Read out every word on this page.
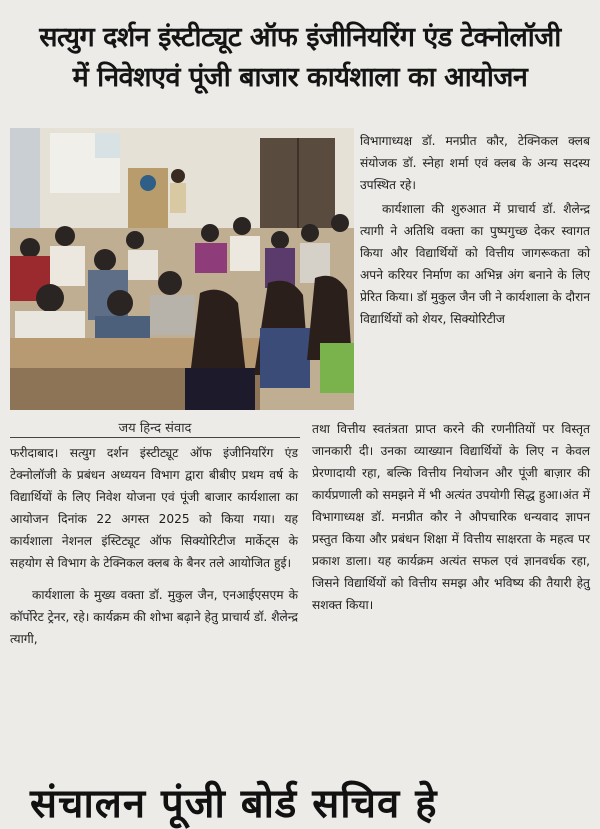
सत्युग दर्शन इंस्टीट्यूट ऑफ इंजीनियरिंग एंड टेक्नोलॉजी
में निवेशएवं पूंजी बाजार कार्यशाला का आयोजन
जय हिन्द संवाद

विभागाध्यक्ष डॉ. मनप्रीत कौर, टेक्निकल क्लब संयोजक डॉ. स्नेहा शर्मा एवं क्लब के अन्य सदस्य उपस्थित रहे।

कार्यशाला की शुरुआत में प्राचार्य डॉ. शैलेन्द्र त्यागी ने अतिथि वक्ता का पुष्पगुच्छ देकर स्वागत किया और विद्यार्थियों को वित्तीय जागरूकता को अपने करियर निर्माण का अभिन्न अंग बनाने के लिए प्रेरित किया। डॉ मुकुल जैन जी ने कार्यशाला के दौरान विद्यार्थियों को शेयर, सिक्योरिटीज

फरीदाबाद। सत्युग दर्शन इंस्टीट्यूट ऑफ इंजीनियरिंग एंड टेक्नोलॉजी के प्रबंधन अध्ययन विभाग द्वारा बीबीए प्रथम वर्ष के विद्यार्थियों के लिए निवेश योजना एवं पूंजी बाजार कार्यशाला का आयोजन दिनांक 22 अगस्त 2025 को किया गया। यह कार्यशाला नेशनल इंस्टिट्यूट ऑफ सिक्योरिटीज मार्केट्स के सहयोग से विभाग के टेक्निकल क्लब के बैनर तले आयोजित हुई।

कार्यशाला के मुख्य वक्ता डॉ. मुकुल जैन, एनआईएसएम के कॉर्पोरेट ट्रेनर, रहे। कार्यक्रम की शोभा बढ़ाने हेतु प्राचार्य डॉ. शैलेन्द्र त्यागी,

तथा वित्तीय स्वतंत्रता प्राप्त करने की रणनीतियों पर विस्तृत जानकारी दी। उनका व्याख्यान विद्यार्थियों के लिए न केवल प्रेरणादायी रहा, बल्कि वित्तीय नियोजन और पूंजी बाज़ार की कार्यप्रणाली को समझने में भी अत्यंत उपयोगी सिद्ध हुआ।अंत में विभागाध्यक्ष डॉ. मनप्रीत कौर ने औपचारिक धन्यवाद ज्ञापन प्रस्तुत किया और प्रबंधन शिक्षा में वित्तीय साक्षरता के महत्व पर प्रकाश डाला। यह कार्यक्रम अत्यंत सफल एवं ज्ञानवर्धक रहा, जिसने विद्यार्थियों को वित्तीय समझ और भविष्य की तैयारी हेतु सशक्त किया।

संचालन पूंजी बोर्ड सचिव हे
